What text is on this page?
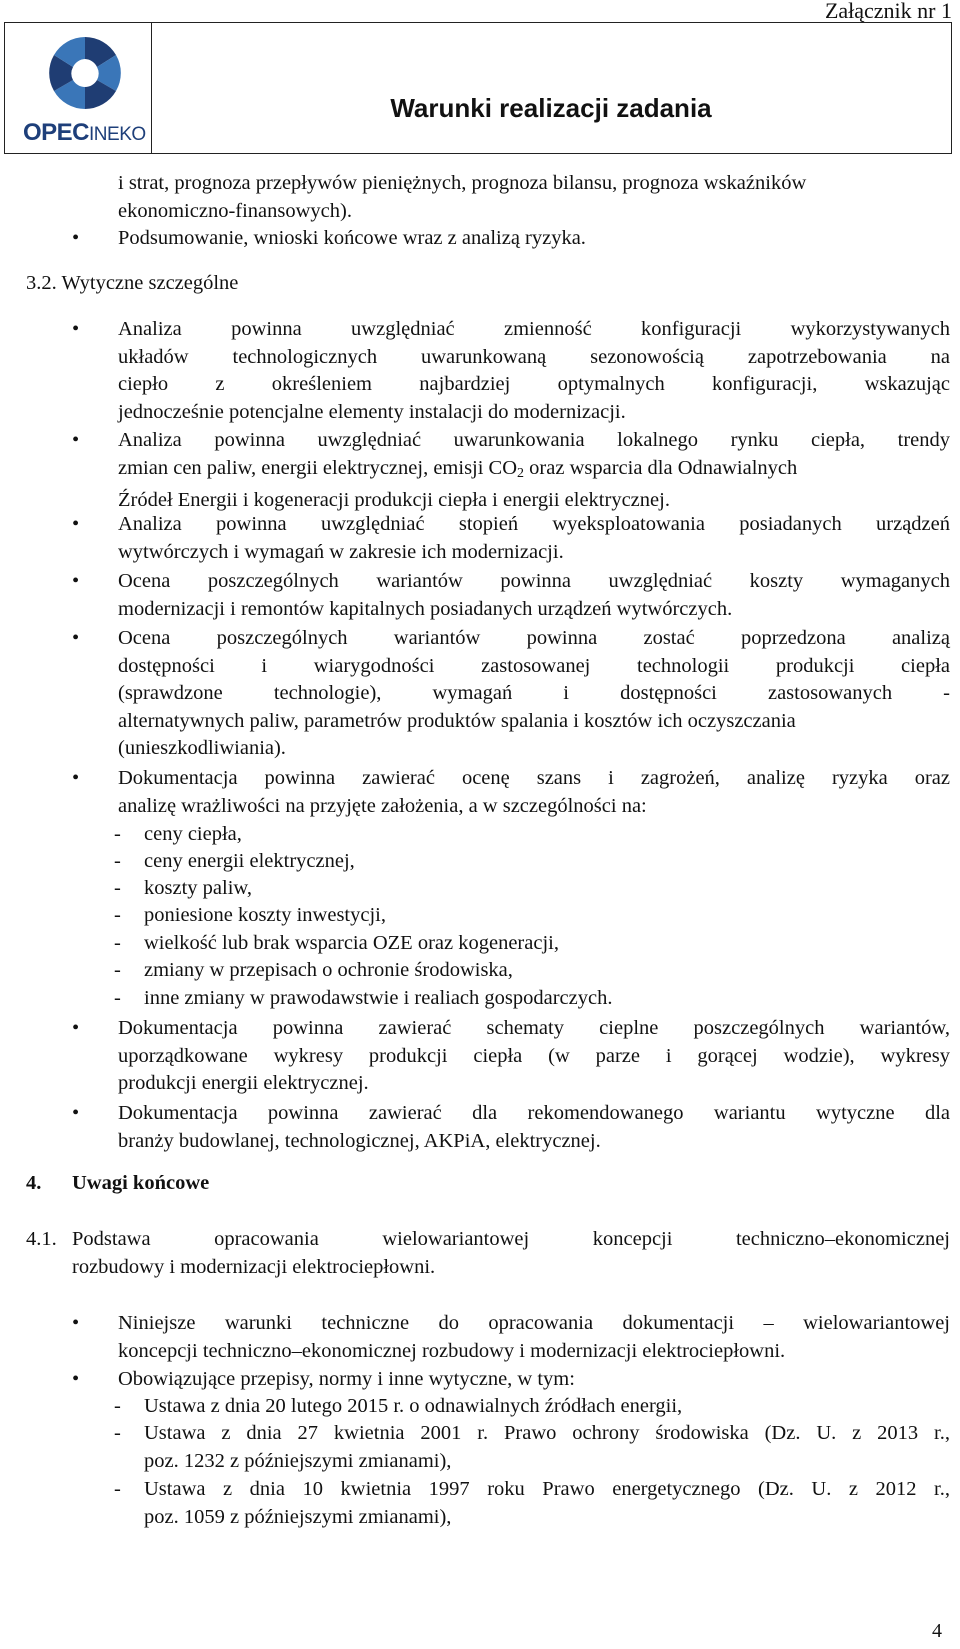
Załącznik nr 1
OPECINEKO
Warunki realizacji zadania
i strat, prognoza przepływów pieniężnych, prognoza bilansu, prognoza wskaźników
ekonomiczno-finansowych).
•
Podsumowanie, wnioski końcowe wraz z analizą ryzyka.
3.2. Wytyczne szczególne
•
Analiza powinna uwzględniać zmienność konfiguracji wykorzystywanych
układów technologicznych uwarunkowaną sezonowością zapotrzebowania na
ciepło z określeniem najbardziej optymalnych konfiguracji, wskazując
jednocześnie potencjalne elementy instalacji do modernizacji.
•
Analiza powinna uwzględniać uwarunkowania lokalnego rynku ciepła, trendy
zmian cen paliw, energii elektrycznej, emisji $CO_2$ oraz wsparcia dla Odnawialnych
Źródeł Energii i kogeneracji produkcji ciepła i energii elektrycznej.
•
Analiza powinna uwzględniać stopień wyeksploatowania posiadanych urządzeń
wytwórczych i wymagań w zakresie ich modernizacji.
•
Ocena poszczególnych wariantów powinna uwzględniać koszty wymaganych
modernizacji i remontów kapitalnych posiadanych urządzeń wytwórczych.
•
Ocena poszczególnych wariantów powinna zostać poprzedzona analizą
dostępności i wiarygodności zastosowanej technologii produkcji ciepła
(sprawdzone technologie), wymagań i dostępności zastosowanych -
alternatywnych paliw, parametrów produktów spalania i kosztów ich oczyszczania
(unieszkodliwiania).
•
Dokumentacja powinna zawierać ocenę szans i zagrożeń, analizę ryzyka oraz
analizę wrażliwości na przyjęte założenia, a w szczególności na:
- ceny ciepła,
- ceny energii elektrycznej,
- koszty paliw,
- poniesione koszty inwestycji,
- wielkość lub brak wsparcia OZE oraz kogeneracji,
- zmiany w przepisach o ochronie środowiska,
- inne zmiany w prawodawstwie i realiach gospodarczych.
•
Dokumentacja powinna zawierać schematy cieplne poszczególnych wariantów,
uporządkowane wykresy produkcji ciepła (w parze i gorącej wodzie), wykresy
produkcji energii elektrycznej.
•
Dokumentacja powinna zawierać dla rekomendowanego wariantu wytyczne dla
branży budowlanej, technologicznej, AKPiA, elektrycznej.
4. Uwagi końcowe
4.1. Podstawa opracowania wielowariantowej koncepcji techniczno–ekonomicznej
rozbudowy i modernizacji elektrociepłowni.
•
Niniejsze warunki techniczne do opracowania dokumentacji – wielowariantowej
koncepcji techniczno–ekonomicznej rozbudowy i modernizacji elektrociepłowni.
•
Obowiązujące przepisy, normy i inne wytyczne, w tym:
- Ustawa z dnia 20 lutego 2015 r. o odnawialnych źródłach energii,
- Ustawa z dnia 27 kwietnia 2001 r. Prawo ochrony środowiska (Dz. U. z 2013 r.,
poz. 1232 z późniejszymi zmianami),
- Ustawa z dnia 10 kwietnia 1997 roku Prawo energetycznego (Dz. U. z 2012 r.,
poz. 1059 z późniejszymi zmianami),
4
